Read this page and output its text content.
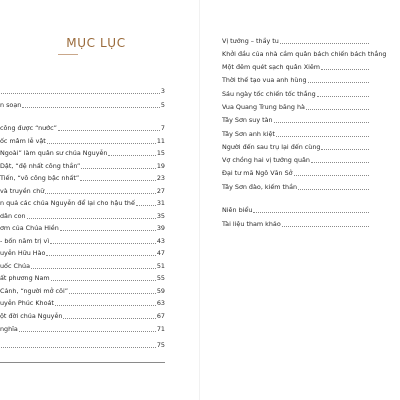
MỤC LỤC
3
n soạn	5
công được “nước”	7
ốc mâm lễ vật	11
Ngoài” làm quân sư chúa Nguyễn	15
Dật, “đệ nhất công thần”	19
Tiến, “vô công bậc nhất”	23
và truyền chữ	27
n quả các chúa Nguyễn để lại cho hậu thế	31
dân con	35
ơm của Chúa Hiền	39
- bốn năm trị vì	43
uyễn Hữu Hào	47
uốc Chúa	51
ất phương Nam	55
Cảnh, “người mở cõi”	59
uyễn Phúc Khoát	63
ột đời chúa Nguyễn	67
nghĩa	71
75
Vị tướng – thầy tu
Khởi đầu của nhà cầm quân bách chiến bách thắng
Một đêm quét sạch quân Xiêm
Thời thế tạo vua anh hùng
Sáu ngày tốc chiến tốc thắng
Vua Quang Trung băng hà
Tây Sơn suy tàn
Tây Sơn anh kiệt
Người đến sau trụ lại đến cùng
Vợ chồng hai vị tướng quân
Đại tư mã Ngô Văn Sở
Tây Sơn đào, kiếm thần
Niên biểu
Tài liệu tham khảo
